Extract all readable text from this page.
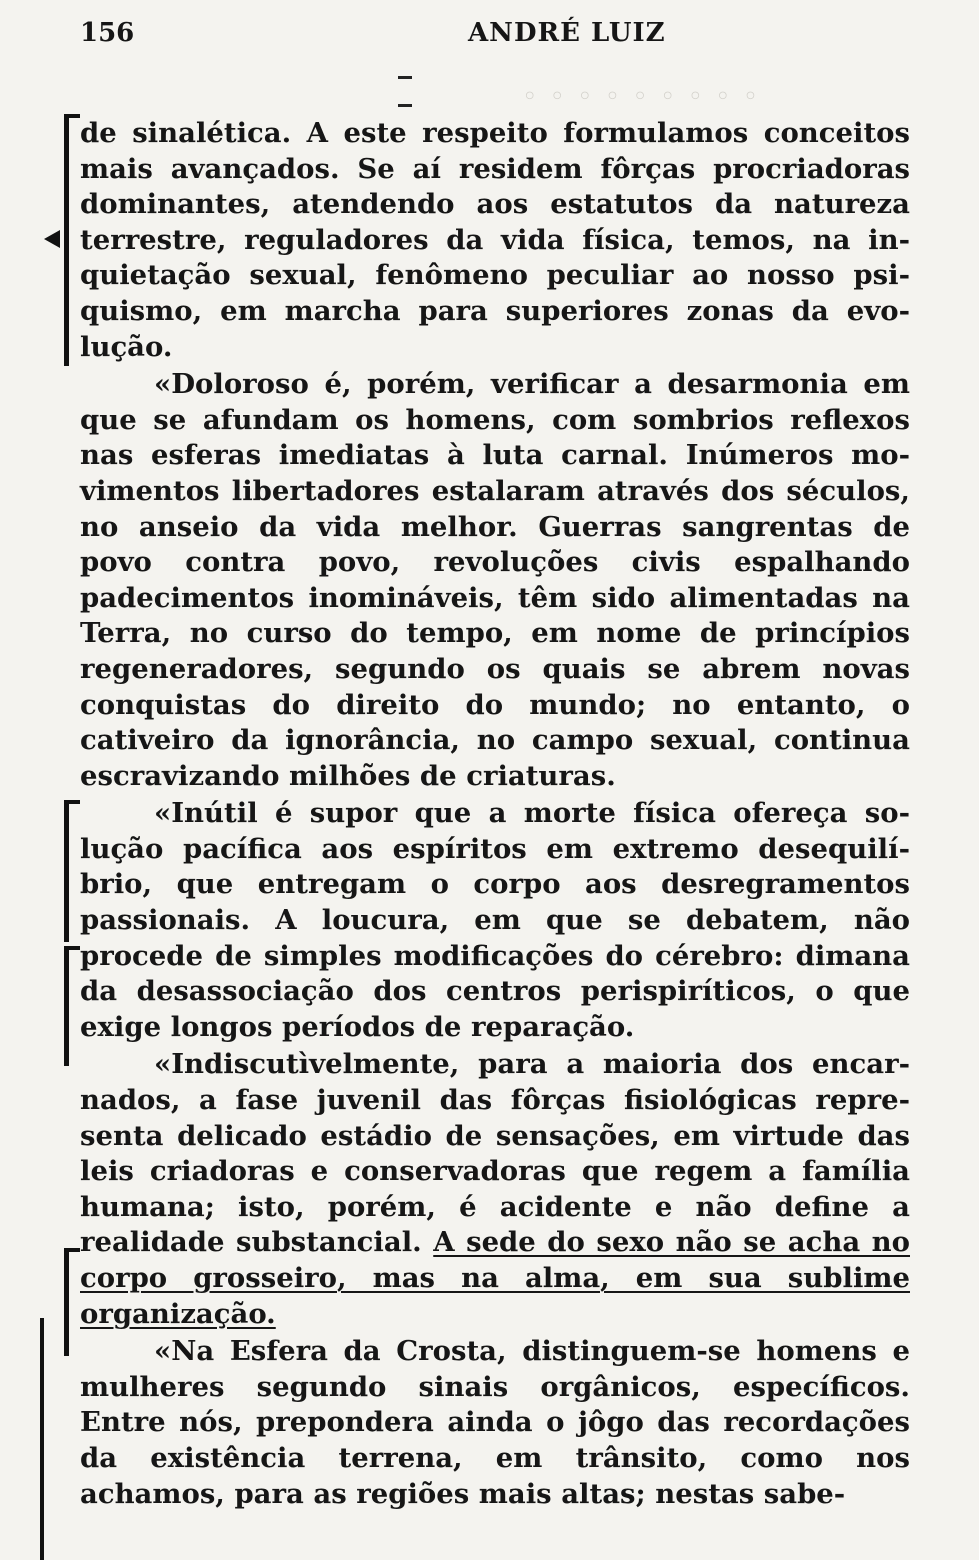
◦ ◦ ◦ ◦ ◦ ◦ ◦ ◦ ◦
156	ANDRÉ LUIZ

de sinalética. A este respeito formulamos conceitos mais avançados. Se aí residem fôrças procriadoras dominantes, atendendo aos estatutos da natureza terrestre, reguladores da vida física, temos, na inquietação sexual, fenômeno peculiar ao nosso psiquismo, em marcha para superiores zonas da evolução.

«Doloroso é, porém, verificar a desarmonia em que se afundam os homens, com sombrios reflexos nas esferas imediatas à luta carnal. Inúmeros movimentos libertadores estalaram através dos séculos, no anseio da vida melhor. Guerras sangrentas de povo contra povo, revoluções civis espalhando padecimentos inomináveis, têm sido alimentadas na Terra, no curso do tempo, em nome de princípios regeneradores, segundo os quais se abrem novas conquistas do direito do mundo; no entanto, o cativeiro da ignorância, no campo sexual, continua escravizando milhões de criaturas.

«Inútil é supor que a morte física ofereça solução pacífica aos espíritos em extremo desequilíbrio, que entregam o corpo aos desregramentos passionais. A loucura, em que se debatem, não procede de simples modificações do cérebro: dimana da desassociação dos centros perispiríticos, o que exige longos períodos de reparação.

«Indiscutìvelmente, para a maioria dos encarnados, a fase juvenil das fôrças fisiológicas representa delicado estádio de sensações, em virtude das leis criadoras e conservadoras que regem a família humana; isto, porém, é acidente e não define a realidade substancial. A sede do sexo não se acha no corpo grosseiro, mas na alma, em sua sublime organização.

«Na Esfera da Crosta, distinguem-se homens e mulheres segundo sinais orgânicos, específicos. Entre nós, prepondera ainda o jôgo das recordações da existência terrena, em trânsito, como nos achamos, para as regiões mais altas; nestas sabe-
